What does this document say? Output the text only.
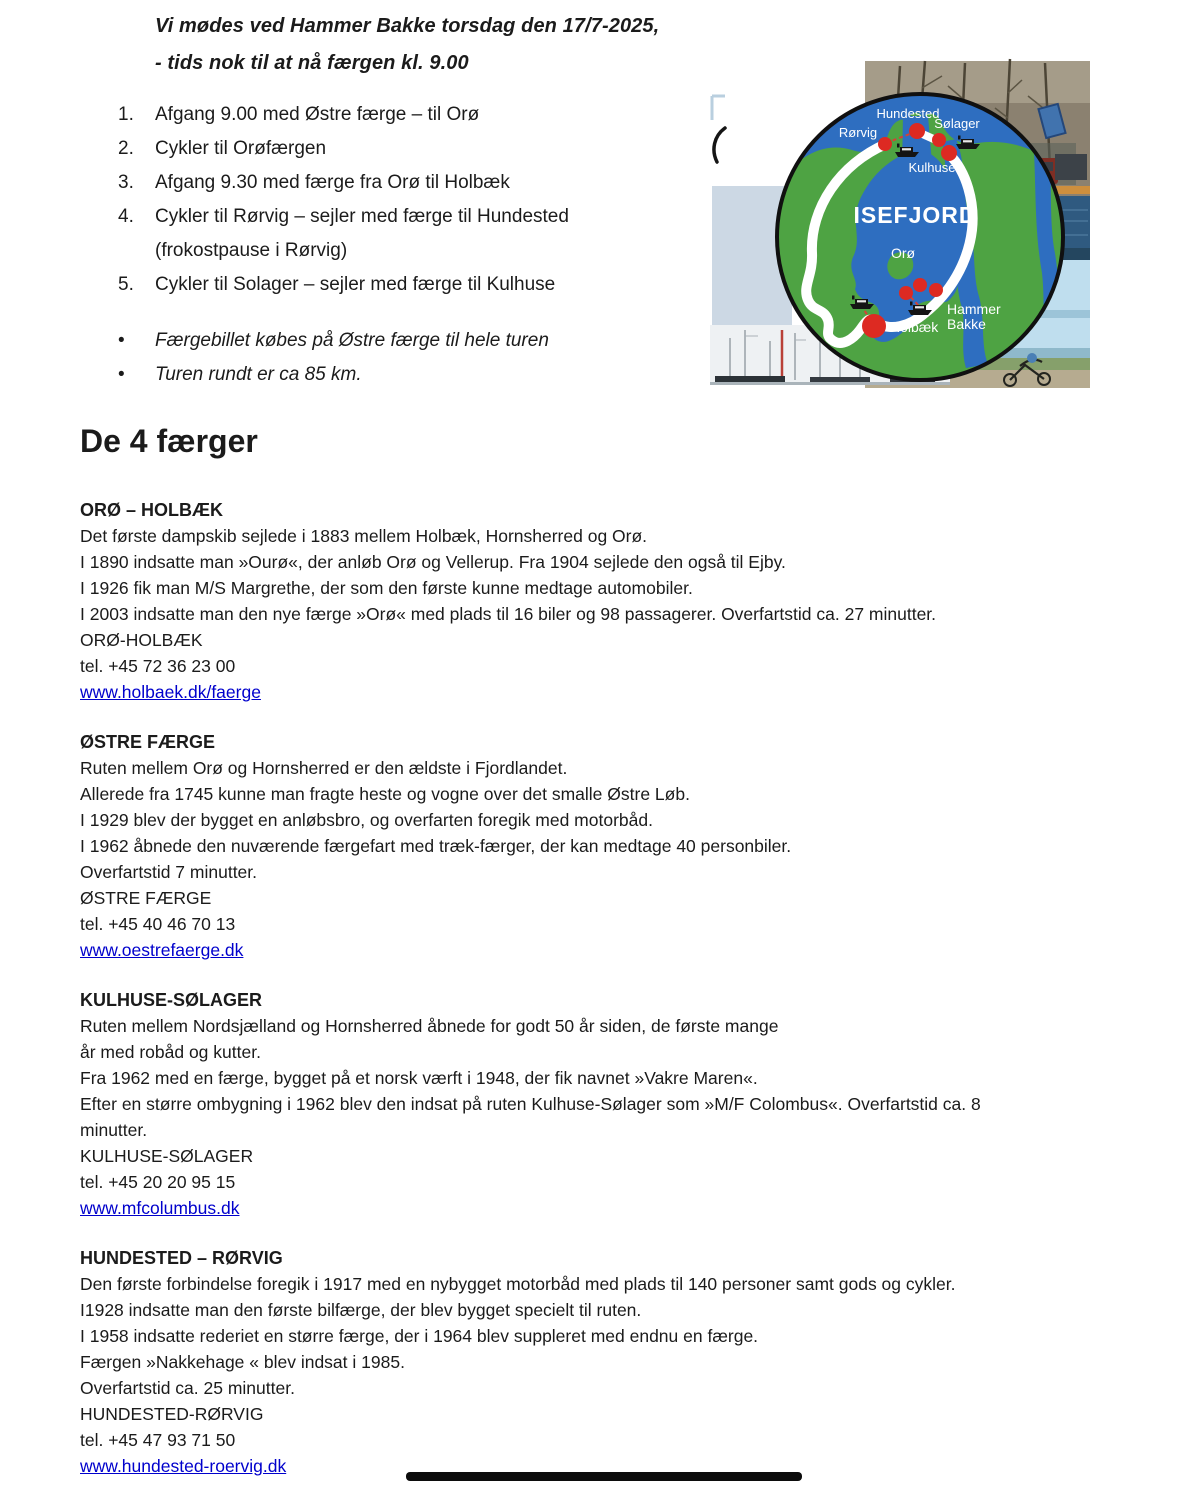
Vi mødes ved Hammer Bakke torsdag den 17/7-2025,
- tids nok til at nå færgen kl. 9.00
1.	Afgang 9.00 med Østre færge – til Orø
2.	Cykler til Orøfærgen
3.	Afgang 9.30 med færge fra Orø til Holbæk
4.	Cykler til Rørvig – sejler med færge til Hundested (frokostpause i Rørvig)
5.	Cykler til Solager – sejler med færge til Kulhuse
•	Færgebillet købes på Østre færge til hele turen
•	Turen rundt er ca 85 km.
Hundested
Sølager
Rørvig
Kulhuse
ISEFJORD
Orø
Holbæk
Hammer
Bakke
De 4 færger
ORØ – HOLBÆK
Det første dampskib sejlede i 1883 mellem Holbæk, Hornsherred og Orø.
I 1890 indsatte man »Ourø«, der anløb Orø og Vellerup. Fra 1904 sejlede den også til Ejby.
I 1926 fik man M/S Margrethe, der som den første kunne medtage automobiler.
I 2003 indsatte man den nye færge »Orø« med plads til 16 biler og 98 passagerer. Overfartstid ca. 27 minutter.
ORØ-HOLBÆK
tel. +45 72 36 23 00
www.holbaek.dk/faerge
ØSTRE FÆRGE
Ruten mellem Orø og Hornsherred er den ældste i Fjordlandet.
Allerede fra 1745 kunne man fragte heste og vogne over det smalle Østre Løb.
I 1929 blev der bygget en anløbsbro, og overfarten foregik med motorbåd.
I 1962 åbnede den nuværende færgefart med træk-færger, der kan medtage 40 personbiler.
Overfartstid 7 minutter.
ØSTRE FÆRGE
tel. +45 40 46 70 13
www.oestrefaerge.dk
KULHUSE-SØLAGER
Ruten mellem Nordsjælland og Hornsherred åbnede for godt 50 år siden, de første mange
år med robåd og kutter.
Fra 1962 med en færge, bygget på et norsk værft i 1948, der fik navnet »Vakre Maren«.
Efter en større ombygning i 1962 blev den indsat på ruten Kulhuse-Sølager som »M/F Colombus«. Overfartstid ca. 8
minutter.
KULHUSE-SØLAGER
tel. +45 20 20 95 15
www.mfcolumbus.dk
HUNDESTED – RØRVIG
Den første forbindelse foregik i 1917 med en nybygget motorbåd med plads til 140 personer samt gods og cykler.
I1928 indsatte man den første bilfærge, der blev bygget specielt til ruten.
I 1958 indsatte rederiet en større færge, der i 1964 blev suppleret med endnu en færge.
Færgen »Nakkehage « blev indsat i 1985.
Overfartstid ca. 25 minutter.
HUNDESTED-RØRVIG
tel. +45 47 93 71 50
www.hundested-roervig.dk
